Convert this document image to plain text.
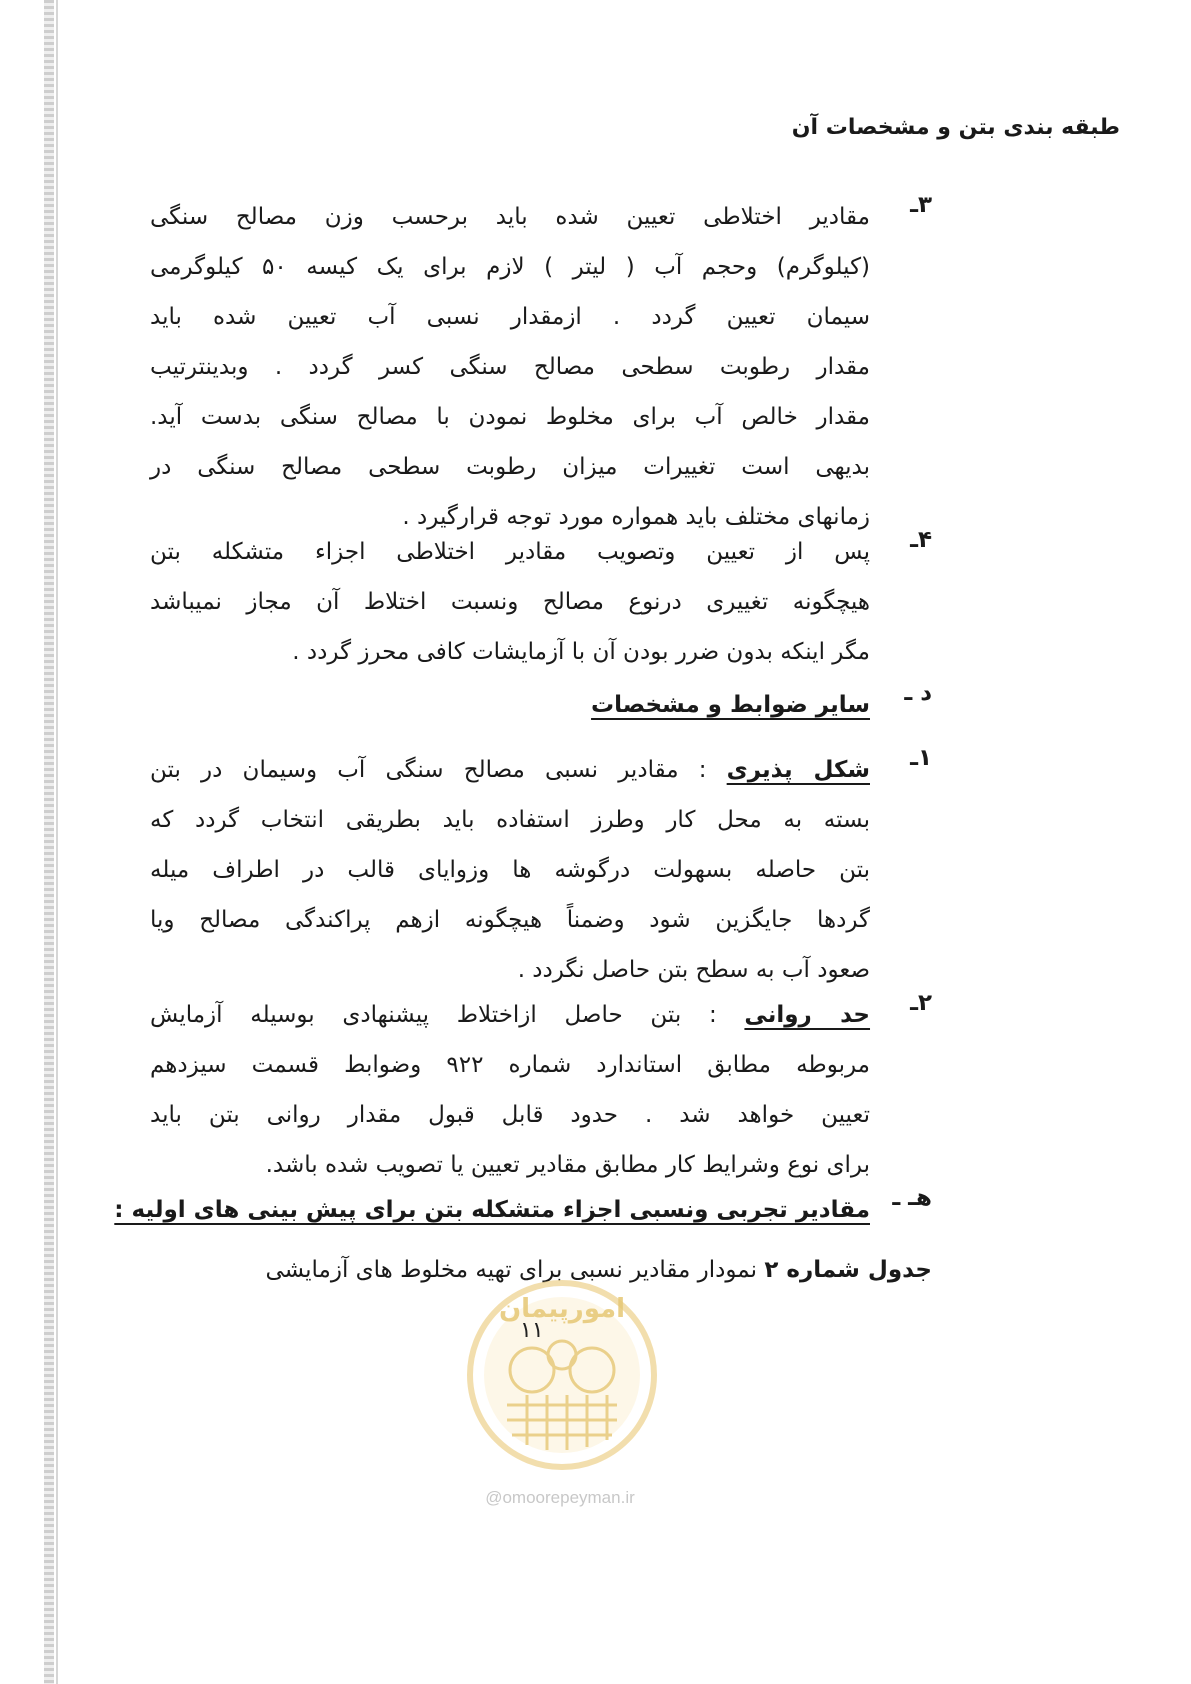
طبقه بندی بتن و مشخصات آن
۳ـ
مقادیر اختلاطی تعیین شده باید برحسب وزن مصالح سنگی
(کیلوگرم) وحجم آب ( لیتر ) لازم برای یک کیسه ۵۰ کیلوگرمی
سیمان تعیین گردد . ازمقدار نسبی آب تعیین شده باید
مقدار رطوبت سطحی مصالح سنگی کسر گردد . وبدینترتیب
مقدار خالص آب برای مخلوط نمودن با مصالح سنگی بدست آید.
بدیهی است تغییرات میزان رطوبت سطحی مصالح سنگی در
زمانهای مختلف باید همواره مورد توجه قرارگیرد .
۴ـ
پس از تعیین وتصویب مقادیر اختلاطی اجزاء متشکله بتن
هیچگونه تغییری درنوع مصالح ونسبت اختلاط آن مجاز نمیباشد
مگر اینکه بدون ضرر بودن آن با آزمایشات کافی محرز گردد .
د ـ
سایر ضوابط و مشخصات
۱ـ
شکل پذیری : مقادیر نسبی مصالح سنگی آب وسیمان در بتن
بسته به محل کار وطرز استفاده باید بطریقی انتخاب گردد که
بتن حاصله بسهولت درگوشه ها وزوایای قالب در اطراف میله
گردها جایگزین شود وضمناً هیچگونه ازهم پراکندگی مصالح ویا
صعود آب به سطح بتن حاصل نگردد .
۲ـ
حد روانی : بتن حاصل ازاختلاط پیشنهادی بوسیله آزمایش
مربوطه مطابق استاندارد شماره ۹۲۲ وضوابط قسمت سیزدهم
تعیین خواهد شد . حدود قابل قبول مقدار روانی بتن باید
برای نوع وشرایط کار مطابق مقادیر تعیین یا تصویب شده باشد.
هـ ـ
مقادیر تجربی ونسبی اجزاء متشکله بتن برای پیش بینی های اولیه :
جدول شماره ۲ نمودار مقادیر نسبی برای تهیه مخلوط های آزمایشی
امورپیمان
۱۱
@omoorepeyman.ir
